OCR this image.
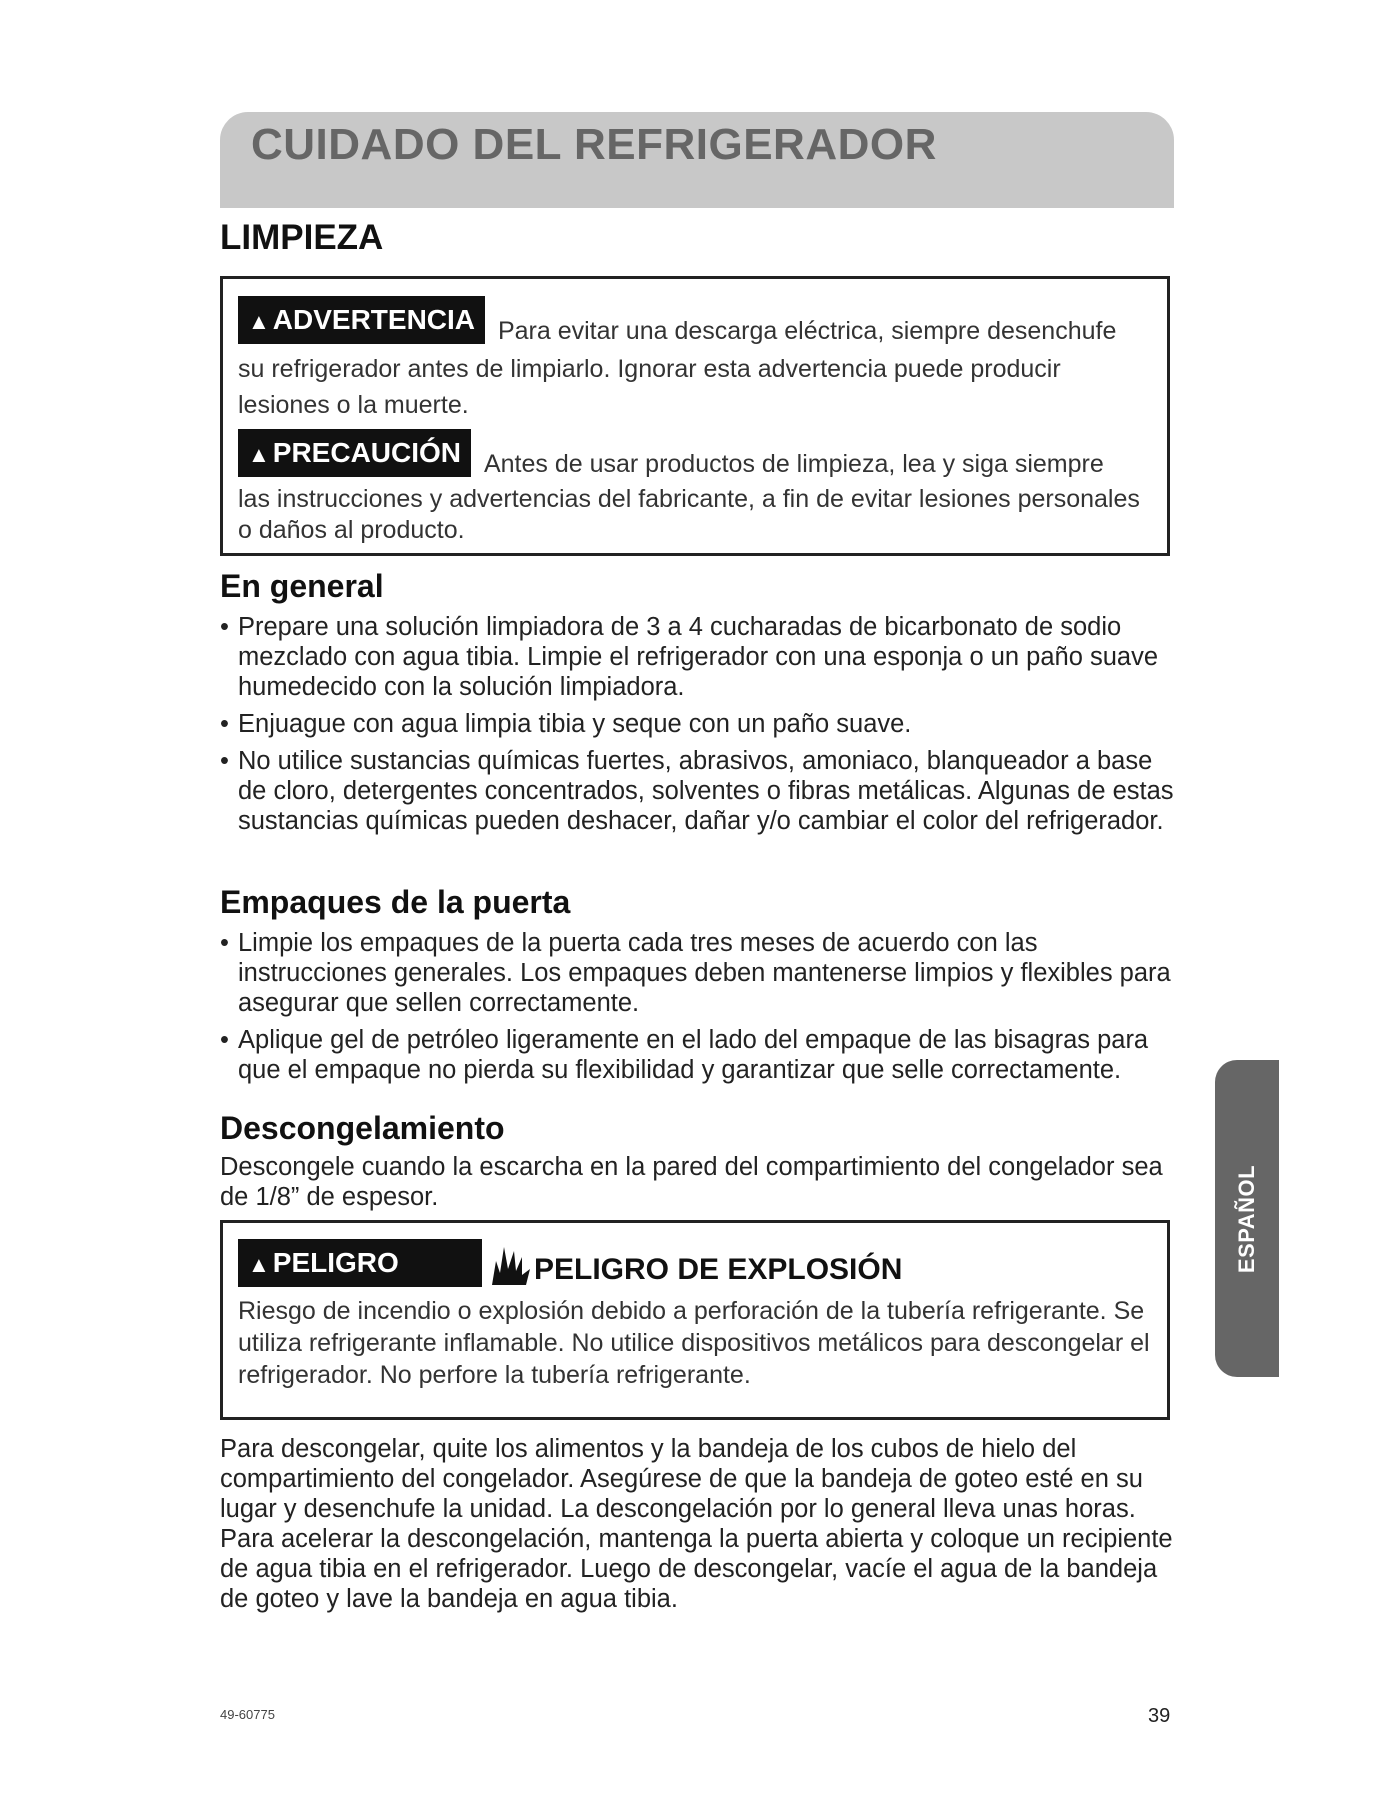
CUIDADO DEL REFRIGERADOR
LIMPIEZA
▲ ADVERTENCIA Para evitar una descarga eléctrica, siempre desenchufe
su refrigerador antes de limpiarlo. Ignorar esta advertencia puede producir lesiones o la muerte.
▲ PRECAUCIÓN Antes de usar productos de limpieza, lea y siga siempre
las instrucciones y advertencias del fabricante, a fin de evitar lesiones personales o daños al producto.
En general
• Prepare una solución limpiadora de 3 a 4 cucharadas de bicarbonato de sodio mezclado con agua tibia. Limpie el refrigerador con una esponja o un paño suave humedecido con la solución limpiadora.
• Enjuague con agua limpia tibia y seque con un paño suave.
• No utilice sustancias químicas fuertes, abrasivos, amoniaco, blanqueador a base de cloro, detergentes concentrados, solventes o fibras metálicas. Algunas de estas sustancias químicas pueden deshacer, dañar y/o cambiar el color del refrigerador.
Empaques de la puerta
• Limpie los empaques de la puerta cada tres meses de acuerdo con las instrucciones generales. Los empaques deben mantenerse limpios y flexibles para asegurar que sellen correctamente.
• Aplique gel de petróleo ligeramente en el lado del empaque de las bisagras para que el empaque no pierda su flexibilidad y garantizar que selle correctamente.
Descongelamiento

Descongele cuando la escarcha en la pared del compartimiento del congelador sea de 1/8” de espesor.

▲ PELIGRO	PELIGRO DE EXPLOSIÓN
Riesgo de incendio o explosión debido a perforación de la tubería refrigerante. Se utiliza refrigerante inflamable. No utilice dispositivos metálicos para descongelar el refrigerador. No perfore la tubería refrigerante.

Para descongelar, quite los alimentos y la bandeja de los cubos de hielo del compartimiento del congelador. Asegúrese de que la bandeja de goteo esté en su lugar y desenchufe la unidad. La descongelación por lo general lleva unas horas. Para acelerar la descongelación, mantenga la puerta abierta y coloque un recipiente de agua tibia en el refrigerador. Luego de descongelar, vacíe el agua de la bandeja de goteo y lave la bandeja en agua tibia.

ESPAÑOL
49-60775	39
